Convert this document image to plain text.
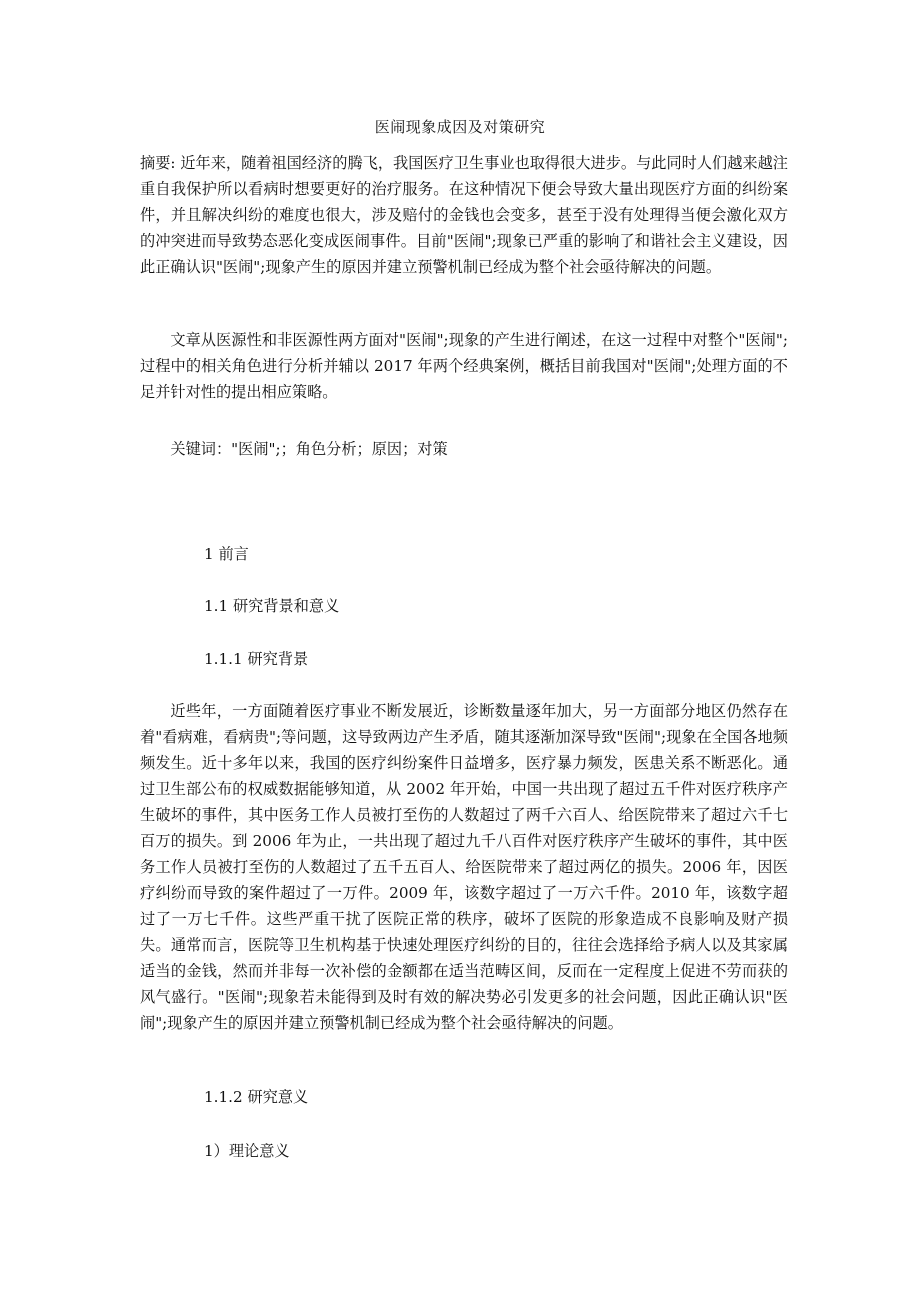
医闹现象成因及对策研究

摘要: 近年来，随着祖国经济的腾飞，我国医疗卫生事业也取得很大进步。与此同时人们越来越注重自我保护所以看病时想要更好的治疗服务。在这种情况下便会导致大量出现医疗方面的纠纷案件，并且解决纠纷的难度也很大，涉及赔付的金钱也会变多，甚至于没有处理得当便会激化双方的冲突进而导致势态恶化变成医闹事件。目前"医闹";现象已严重的影响了和谐社会主义建设，因此正确认识"医闹";现象产生的原因并建立预警机制已经成为整个社会亟待解决的问题。

文章从医源性和非医源性两方面对"医闹";现象的产生进行阐述，在这一过程中对整个"医闹";过程中的相关角色进行分析并辅以 2017 年两个经典案例，概括目前我国对"医闹";处理方面的不足并针对性的提出相应策略。

关键词："医闹";；角色分析；原因；对策

1 前言

1.1 研究背景和意义

1.1.1 研究背景

近些年，一方面随着医疗事业不断发展近，诊断数量逐年加大，另一方面部分地区仍然存在着"看病难，看病贵";等问题，这导致两边产生矛盾，随其逐渐加深导致"医闹";现象在全国各地频频发生。近十多年以来，我国的医疗纠纷案件日益增多，医疗暴力频发，医患关系不断恶化。通过卫生部公布的权威数据能够知道，从 2002 年开始，中国一共出现了超过五千件对医疗秩序产生破坏的事件，其中医务工作人员被打至伤的人数超过了两千六百人、给医院带来了超过六千七百万的损失。到 2006 年为止，一共出现了超过九千八百件对医疗秩序产生破坏的事件，其中医务工作人员被打至伤的人数超过了五千五百人、给医院带来了超过两亿的损失。2006 年，因医疗纠纷而导致的案件超过了一万件。2009 年，该数字超过了一万六千件。2010 年，该数字超过了一万七千件。这些严重干扰了医院正常的秩序，破坏了医院的形象造成不良影响及财产损失。通常而言，医院等卫生机构基于快速处理医疗纠纷的目的，往往会选择给予病人以及其家属适当的金钱，然而并非每一次补偿的金额都在适当范畴区间，反而在一定程度上促进不劳而获的风气盛行。"医闹";现象若未能得到及时有效的解决势必引发更多的社会问题，因此正确认识"医闹";现象产生的原因并建立预警机制已经成为整个社会亟待解决的问题。

1.1.2 研究意义

1）理论意义
